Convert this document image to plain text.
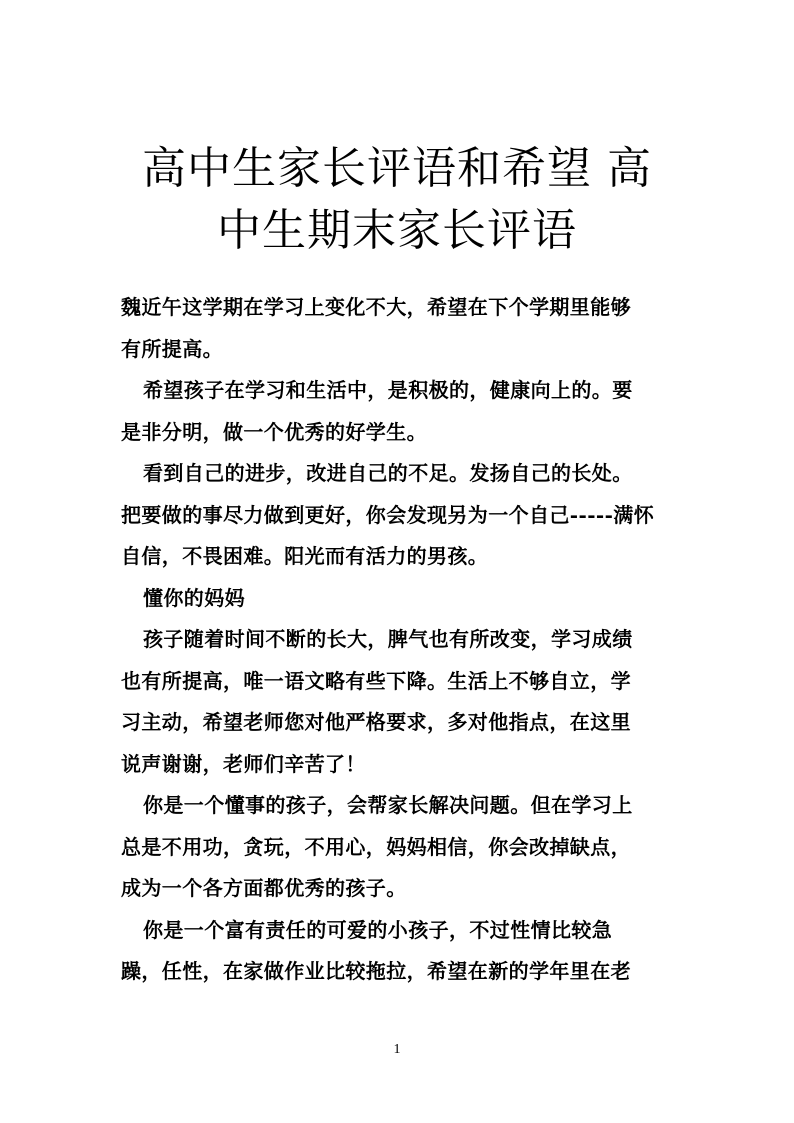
高中生家长评语和希望 高
中生期末家长评语
魏近午这学期在学习上变化不大，希望在下个学期里能够
有所提高。
希望孩子在学习和生活中，是积极的，健康向上的。要
是非分明，做一个优秀的好学生。
看到自己的进步，改进自己的不足。发扬自己的长处。
把要做的事尽力做到更好，你会发现另为一个自己-----满怀
自信，不畏困难。阳光而有活力的男孩。
懂你的妈妈
孩子随着时间不断的长大，脾气也有所改变，学习成绩
也有所提高，唯一语文略有些下降。生活上不够自立，学
习主动，希望老师您对他严格要求，多对他指点，在这里
说声谢谢，老师们辛苦了！
你是一个懂事的孩子，会帮家长解决问题。但在学习上
总是不用功，贪玩，不用心，妈妈相信，你会改掉缺点，
成为一个各方面都优秀的孩子。
你是一个富有责任的可爱的小孩子，不过性情比较急
躁，任性，在家做作业比较拖拉，希望在新的学年里在老
1
